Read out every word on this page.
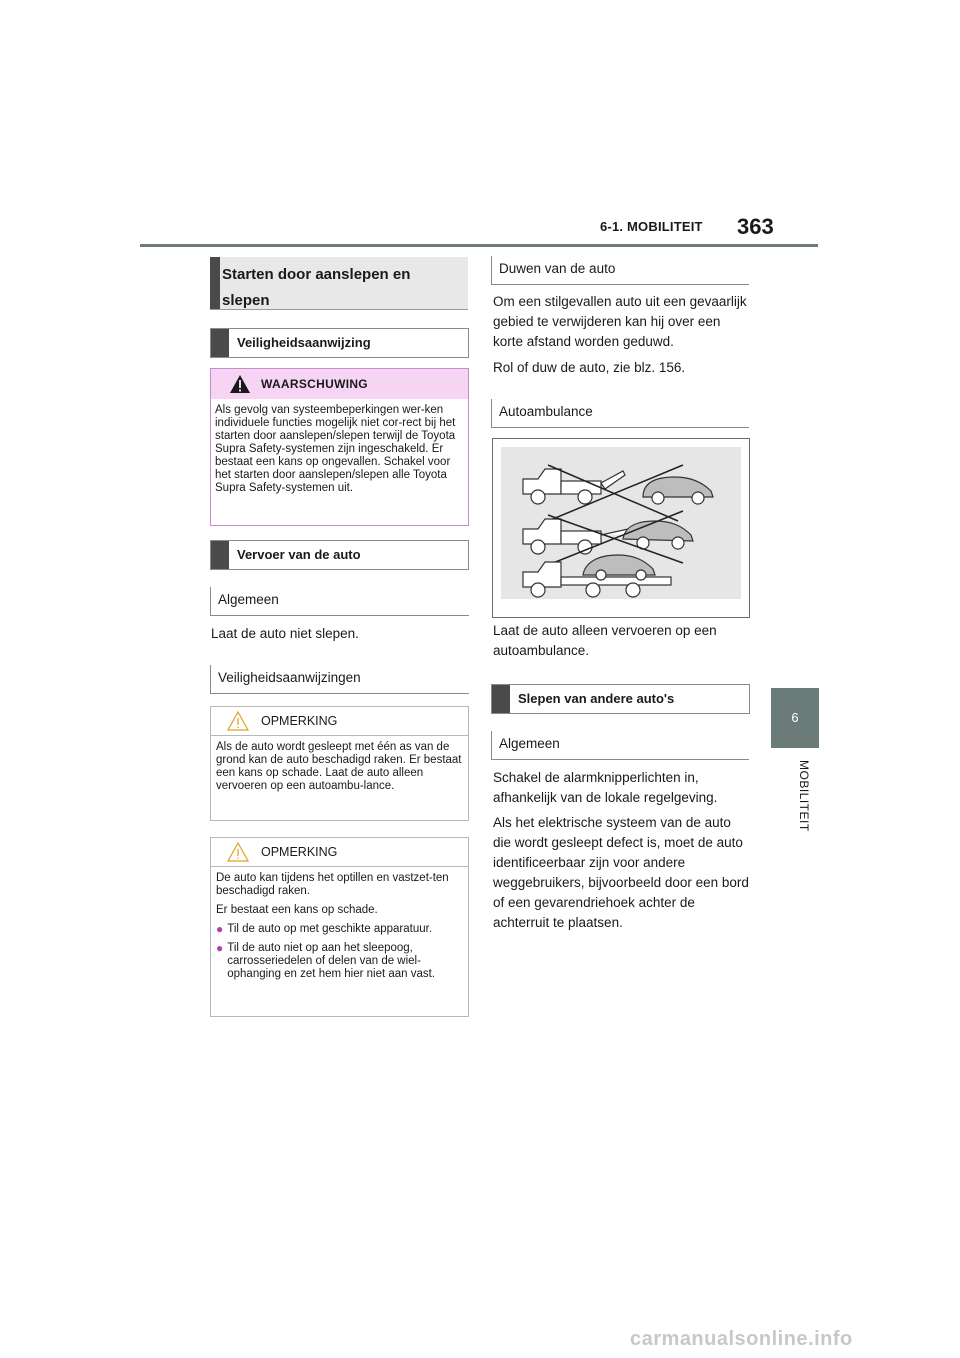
6-1. MOBILITEIT 363
6
MOBILITEIT
Starten door aanslepen en slepen
Veiligheidsaanwijzing
WAARSCHUWING
Als gevolg van systeembeperkingen wer-ken individuele functies mogelijk niet cor-rect bij het starten door aanslepen/slepen terwijl de Toyota Supra Safety-systemen zijn ingeschakeld. Er bestaat een kans op ongevallen. Schakel voor het starten door aanslepen/slepen alle Toyota Supra Safety-systemen uit.
Vervoer van de auto
Algemeen
Laat de auto niet slepen.
Veiligheidsaanwijzingen
OPMERKING
Als de auto wordt gesleept met één as van de grond kan de auto beschadigd raken. Er bestaat een kans op schade. Laat de auto alleen vervoeren op een autoambu-lance.
OPMERKING

De auto kan tijdens het optillen en vastzet-ten beschadigd raken.

Er bestaat een kans op schade.

● Til de auto op met geschikte apparatuur.
● Til de auto niet op aan het sleepoog, carrosseriedelen of delen van de wiel-ophanging en zet hem hier niet aan vast.
Duwen van de auto
Om een stilgevallen auto uit een gevaarlijk gebied te verwijderen kan hij over een korte afstand worden geduwd.
Rol of duw de auto, zie blz. 156.
Autoambulance
Laat de auto alleen vervoeren op een autoambulance.
Slepen van andere auto's
Algemeen
Schakel de alarmknipperlichten in, afhankelijk van de lokale regelgeving.
Als het elektrische systeem van de auto die wordt gesleept defect is, moet de auto identificeerbaar zijn voor andere weggebruikers, bijvoorbeeld door een bord of een gevarendriehoek achter de achterruit te plaatsen.
carmanualsonline.info
